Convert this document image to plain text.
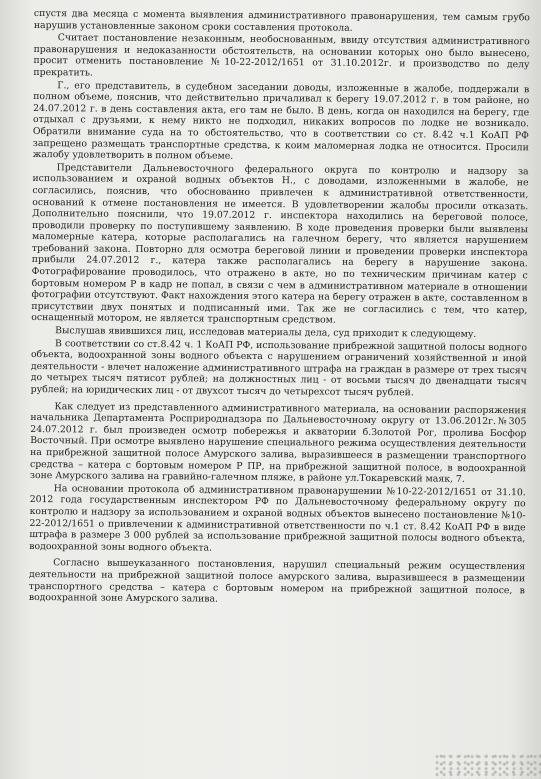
спустя два месяца с момента выявления административного правонарушения, тем самым грубо нарушив установленные законом сроки составления протокола.

Считает постановление незаконным, необоснованным, ввиду отсутствия административного правонарушения и недоказанности обстоятельств, на основании которых оно было вынесено, просит отменить постановление №10-22-2012/1651 от 31.10.2012г. и производство по делу прекратить.

Г., его представитель, в судебном заседании доводы, изложенные в жалобе, поддержали в полном объеме, пояснив, что действительно причаливал к берегу 19.07.2012 г. в том районе, но 24.07.2012 г. в день составления акта, его там не было. В день, когда он находился на берегу, где отдыхал с друзьями, к нему никто не подходил, никаких вопросов по лодке не возникало. Обратили внимание суда на то обстоятельство, что в соответствии со ст. 8.42 ч.1 КоАП РФ запрещено размещать транспортные средства, к коим маломерная лодка не относится. Просили жалобу удовлетворить в полном объеме.

Представители Дальневосточного федерального округа по контролю и надзору за использованием и охраной водных объектов Н., с доводами, изложенными в жалобе, не согласились, пояснив, что обоснованно привлечен к административной ответственности, оснований к отмене постановления не имеется. В удовлетворении жалобы просили отказать. Дополнительно пояснили, что 19.07.2012 г. инспектора находились на береговой полосе, проводили проверку по поступившему заявлению. В ходе проведения проверки были выявлены маломерные катера, которые располагались на галечном берегу, что является нарушением требований закона. Повторно для осмотра береговой линии и проведении проверки инспектора прибыли 24.07.2012 г., катера также располагались на берегу в нарушение закона. Фотографирование проводилось, что отражено в акте, но по техническим причинам катер с бортовым номером Р в кадр не попал, в связи с чем в административном материале в отношении фотографии отсутствуют. Факт нахождения этого катера на берегу отражен в акте, составленном в присутствии двух понятых и подписанный ими. Так же не согласились с тем, что катер, оснащенный мотором, не является транспортным средством.

Выслушав явившихся лиц, исследовав материалы дела, суд приходит к следующему.

В соответствии со ст.8.42 ч. 1 КоАП РФ, использование прибрежной защитной полосы водного объекта, водоохранной зоны водного объекта с нарушением ограничений хозяйственной и иной деятельности - влечет наложение административного штрафа на граждан в размере от трех тысяч до четырех тысяч пятисот рублей; на должностных лиц - от восьми тысяч до двенадцати тысяч рублей; на юридических лиц - от двухсот тысяч до четырехсот тысяч рублей.

Как следует из представленного административного материала, на основании распоряжения начальника Департамента Росприроднадзора по Дальневосточному округу от 13.06.2012г.№305 24.07.2012 г. был произведен осмотр побережья и акватории б.Золотой Рог, пролива Босфор Восточный. При осмотре выявлено нарушение специального режима осуществления деятельности на прибрежной защитной полосе Амурского залива, выразившееся в размещении транспортного средства – катера с бортовым номером Р ПР, на прибрежной защитной полосе, в водоохранной зоне Амурского залива на гравийно-галечном пляже, в районе ул.Токаревский маяк, 7.

На основании протокола об административном правонарушении №10-22-2012/1651 от 31.10. 2012 года государственным инспектором РФ по Дальневосточному федеральному округу по контролю и надзору за использованием и охраной водных объектов вынесено постановление №10-22-2012/1651 о привлечении к административной ответственности по ч.1 ст. 8.42 КоАП РФ в виде штрафа в размере 3 000 рублей за использование прибрежной защитной полосы водного объекта, водоохранной зоны водного объекта.

Согласно вышеуказанного постановления, нарушил специальный режим осуществления деятельности на прибрежной защитной полосе амурского залива, выразившееся в размещении транспортного средства – катера с бортовым номером на прибрежной защитной полосе, в водоохранной зоне Амурского залива.
